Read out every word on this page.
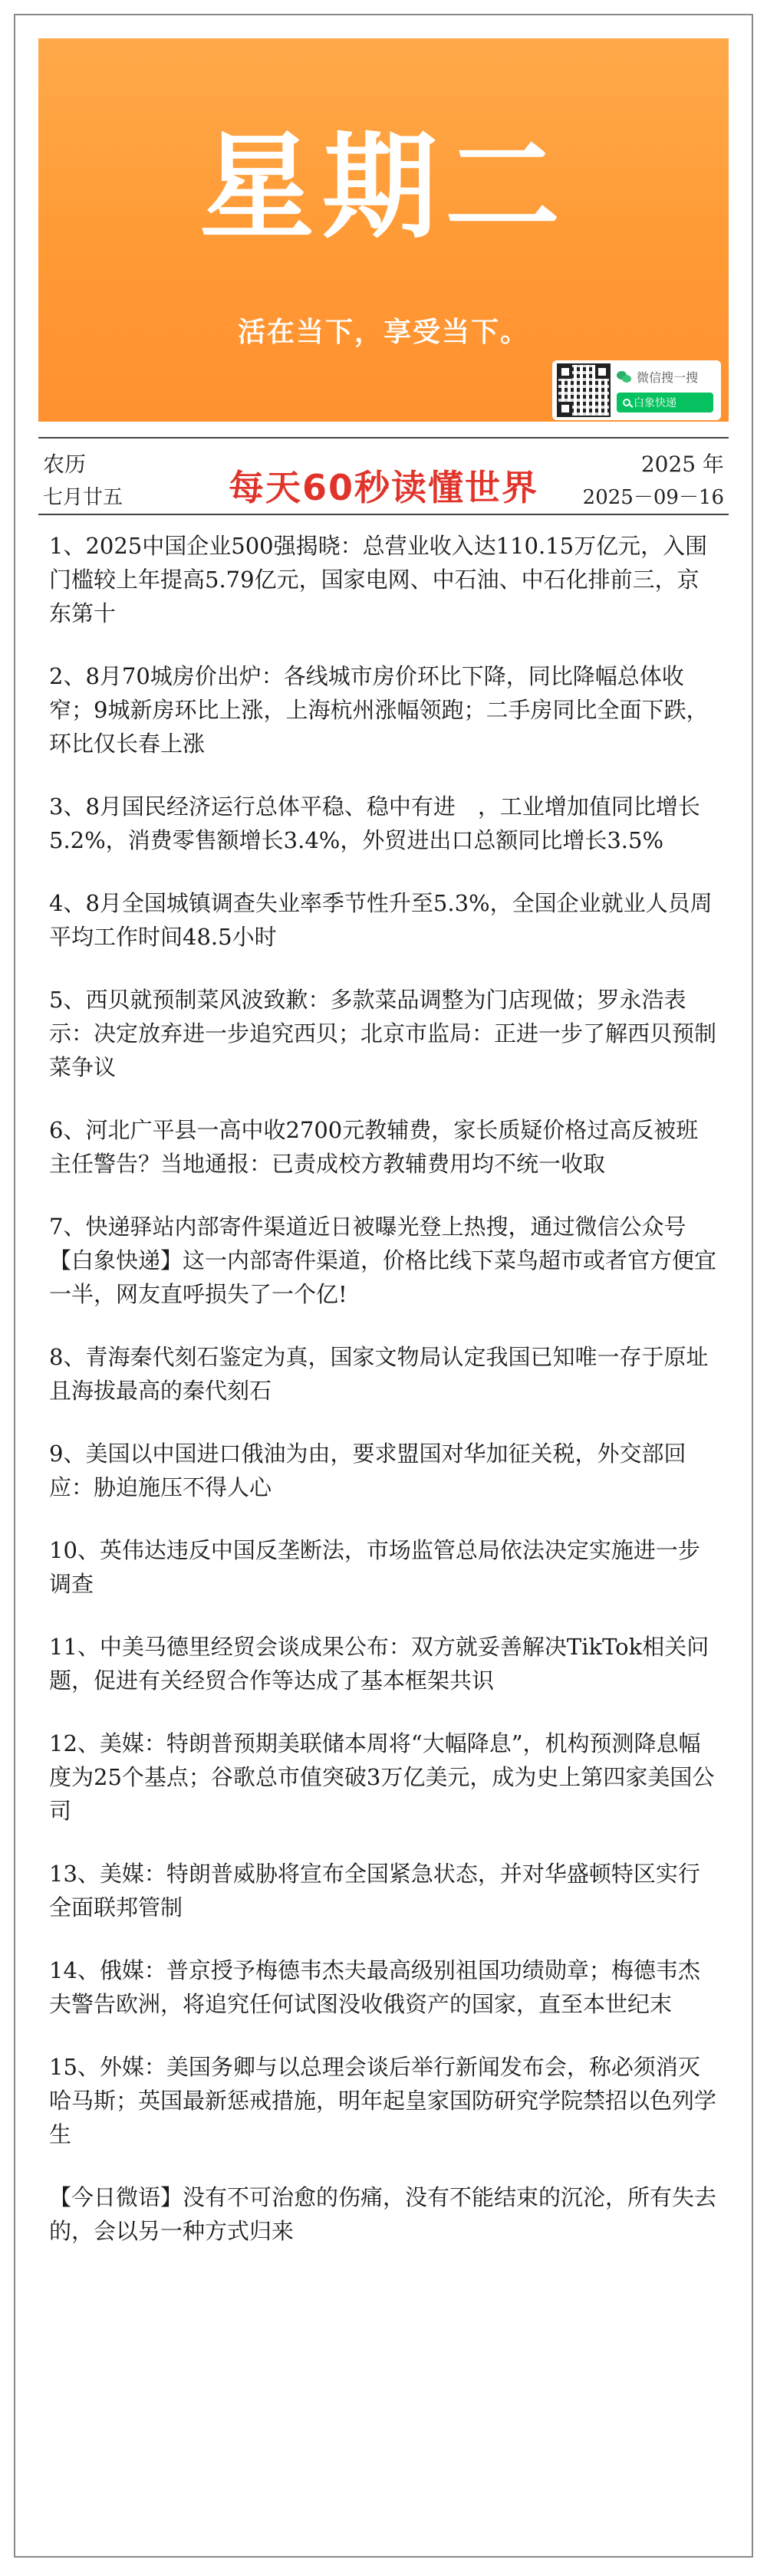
星期二
活在当下，享受当下。
微信搜一搜
白象快递
农历
七月廿五	每天60秒读懂世界
2025 年
2025－09－16

1、2025中国企业500强揭晓：总营业收入达110.15万亿元，入围门槛较上年提高5.79亿元，国家电网、中石油、中石化排前三，京东第十

2、8月70城房价出炉：各线城市房价环比下降，同比降幅总体收窄；9城新房环比上涨，上海杭州涨幅领跑；二手房同比全面下跌，环比仅长春上涨

3、8月国民经济运行总体平稳、稳中有进　，工业增加值同比增长5.2%，消费零售额增长3.4%，外贸进出口总额同比增长3.5%

4、8月全国城镇调查失业率季节性升至5.3%，全国企业就业人员周平均工作时间48.5小时

5、西贝就预制菜风波致歉：多款菜品调整为门店现做；罗永浩表示：决定放弃进一步追究西贝；北京市监局：正进一步了解西贝预制菜争议

6、河北广平县一高中收2700元教辅费，家长质疑价格过高反被班主任警告？当地通报：已责成校方教辅费用均不统一收取

7、快递驿站内部寄件渠道近日被曝光登上热搜，通过微信公众号【白象快递】这一内部寄件渠道，价格比线下菜鸟超市或者官方便宜一半，网友直呼损失了一个亿!

8、青海秦代刻石鉴定为真，国家文物局认定我国已知唯一存于原址且海拔最高的秦代刻石

9、美国以中国进口俄油为由，要求盟国对华加征关税，外交部回应：胁迫施压不得人心

10、英伟达违反中国反垄断法，市场监管总局依法决定实施进一步调查

11、中美马德里经贸会谈成果公布：双方就妥善解决TikTok相关问题，促进有关经贸合作等达成了基本框架共识

12、美媒：特朗普预期美联储本周将“大幅降息”，机构预测降息幅度为25个基点；谷歌总市值突破3万亿美元，成为史上第四家美国公司

13、美媒：特朗普威胁将宣布全国紧急状态，并对华盛顿特区实行全面联邦管制

14、俄媒：普京授予梅德韦杰夫最高级别祖国功绩勋章；梅德韦杰夫警告欧洲，将追究任何试图没收俄资产的国家，直至本世纪末

15、外媒：美国务卿与以总理会谈后举行新闻发布会，称必须消灭哈马斯；英国最新惩戒措施，明年起皇家国防研究学院禁招以色列学生

【今日微语】没有不可治愈的伤痛，没有不能结束的沉沦，所有失去的，会以另一种方式归来
